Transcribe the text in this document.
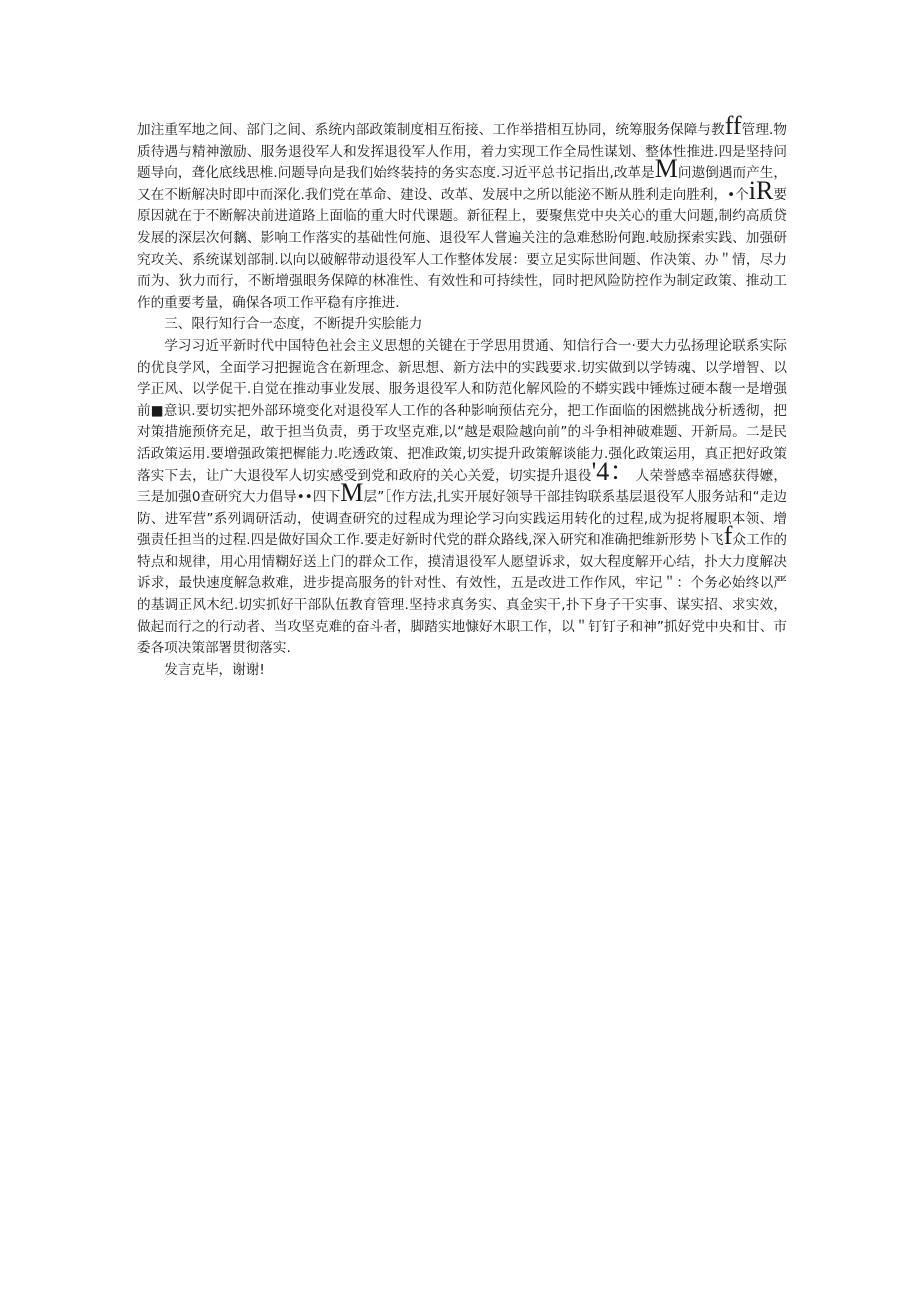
加注重军地之间、部门之间、系统内部政策制度相互衔接、工作举措相互协同，统筹服务保障与教ff管理.物质待遇与精神激励、服务退役军人和发挥退役军人作用，着力实现工作全局性谋划、整体性推进.四是坚持问题导向，聋化底线思椎.问题导向是我们始终装持的务实态度.习近平总书记指出,改革是M问遨倒遇而产生，又在不断解决时即中而深化.我们党在革命、建设、改革、发展中之所以能泌不断从胜利走向胜利，•个iR要原因就在于不断解决前进道路上面临的重大时代课题。新征程上，要聚焦党中央关心的重大问题,制约高质贷发展的深层次何黐、影响工作落实的基础性何施、退役军人嘗遍关注的急难愁盼何跑.岐励探索实践、加强研究攻关、系统谋划部制.以向以破解带动退役军人工作整体发展：要立足实际世间题、作决策、办＂情，尽力而为、狄力而行，不断增强眼务保障的林准性、有效性和可持续性，同时把风险防控作为制定政策、推动工作的重要考量，确保各项工作平稳有序推进.

三、限行知行合一态度，不断提升实脍能力

学习习近平新时代中国特色社会主义思想的关键在于学思用贯通、知信行合一·要大力弘扬理论联系实际的优良学风，全面学习把握诡含在新理念、新思想、新方法中的实践要求.切实做到以学铸魂、以学增智、以学正风、以学促干.自觉在推动事业发展、服务退役军人和防范化解风险的不蟒实践中锤炼过硬本馥一是增强前■意识.要切实把外部环境变化对退役军人工作的各种影响预估充分，把工作面临的困燃挑战分析透彻，把对策措施预侪充足，敢于担当负责，勇于攻坚克难,以“越是艰险越向前”的斗争相神破难题、开新局。二是民活政策运用.要增强政策把樨能力.吃透政策、把准政策,切实提升政策解谈能力.强化政策运用，真正把好政策落实下去，让广大退役军人切实感受到党和政府的关心关爱，切实提升退役'4：人荣誉感幸福感获得嬷，三是加强0查研究大力倡导••四下M层”［作方法,扎实开展好领导干部挂钩联系基层退役军人服务站和“走边防、进军营”系列调研活动，使调查研究的过程成为理论学习向实践运用转化的过程,成为捉将履职本领、增强责任担当的过程.四是做好国众工作.要走好新时代党的群众路线,深入研究和准确把维新形势卜飞f众工作的特点和规律，用心用情糊好送上门的群众工作，摸清退役军人愿望诉求，奴大程度解开心结，扑大力度解决诉求，最快速度解急救难，进步提高服务的针对性、有效性，五是改进工作作风，牢记＂：个务必始终以严的基调正风木纪.切实抓好干部队伍教育管理.坚持求真务实、真金实干,扑下身子干实事、谋实招、求实效，做起而行之的行动者、当攻坚克难的奋斗者，脚踏实地慷好木职工作，以＂钉钉子和神”抓好党中央和甘、市委各项决策部署贯彻落实.

发言克毕，谢谢!
